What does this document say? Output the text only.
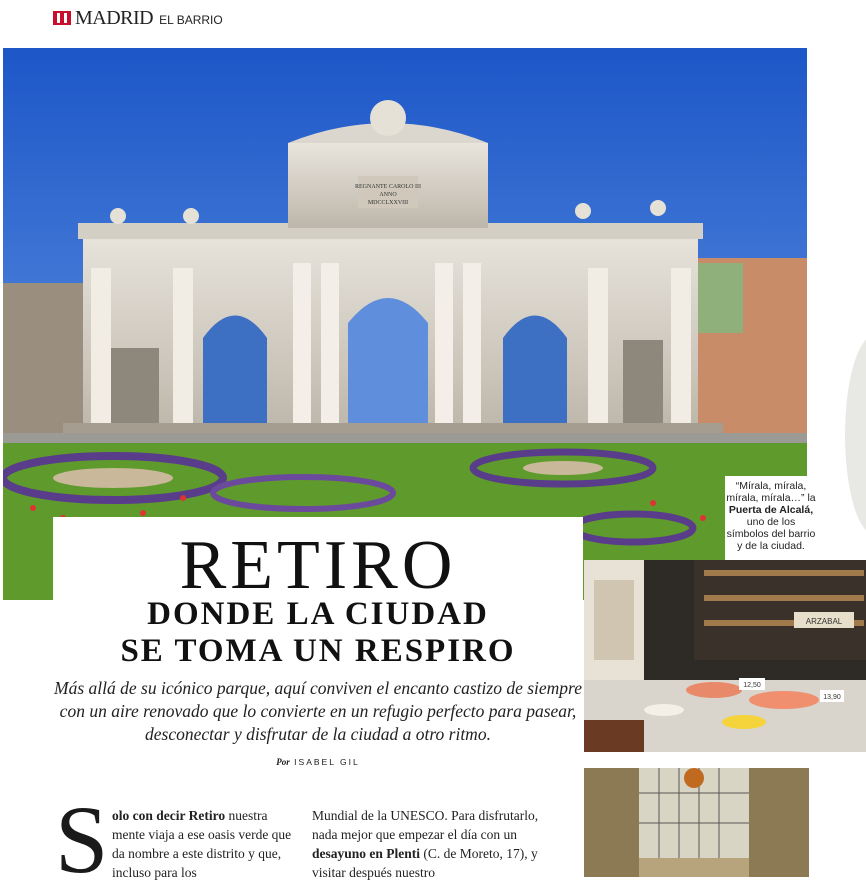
MADRID EL BARRIO
REGNANTE CAROLO III
ANNO
MDCCLXXVIII
“Mírala, mírala, mírala, mírala…” la Puerta de Alcalá, uno de los símbolos del barrio y de la ciudad.
ARZABAL
12,50
13,90
RETIRO
DONDE LA CIUDAD
SE TOMA UN RESPIRO
Más allá de su icónico parque, aquí conviven el encanto castizo de siempre con un aire renovado que lo convierte en un refugio perfecto para pasear, desconectar y disfrutar de la ciudad a otro ritmo.
Por ISABEL GIL
S olo con decir Retiro nuestra mente viaja a ese oasis verde que da nombre a este distrito y que, incluso para los
Mundial de la UNESCO. Para disfrutarlo, nada mejor que empezar el día con un desayuno en Plenti (C. de Moreto, 17), y visitar después nuestro
